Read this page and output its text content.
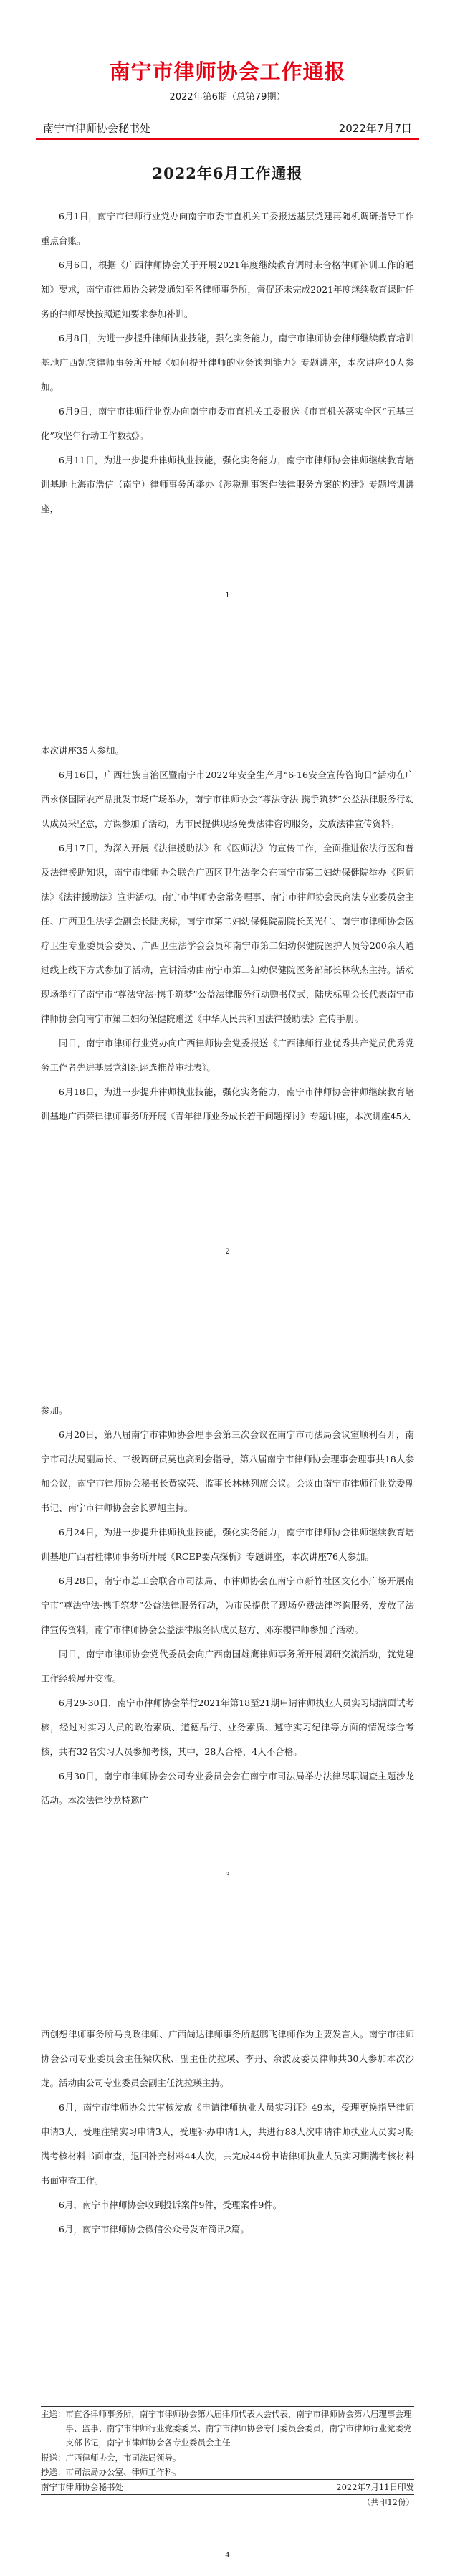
南宁市律师协会工作通报
2022年第6期（总第79期）
南宁市律师协会秘书处	2022年7月7日
2022年6月工作通报

6月1日，南宁市律师行业党办向南宁市委市直机关工委报送基层党建再随机调研指导工作重点台账。

6月6日，根据《广西律师协会关于开展2021年度继续教育调时未合格律师补训工作的通知》要求，南宁市律师协会转发通知至各律师事务所，督促还未完成2021年度继续教育课时任务的律师尽快按照通知要求参加补训。

6月8日，为进一步提升律师执业技能，强化实务能力，南宁市律师协会律师继续教育培训基地广西凯宾律师事务所开展《如何提升律师的业务谈判能力》专题讲座，本次讲座40人参加。

6月9日，南宁市律师行业党办向南宁市委市直机关工委报送《市直机关落实全区“五基三化”攻坚年行动工作数据》。

6月11日，为进一步提升律师执业技能，强化实务能力，南宁市律师协会律师继续教育培训基地上海市浩信（南宁）律师事务所举办《涉税刑事案件法律服务方案的构建》专题培训讲座，

1

本次讲座35人参加。

6月16日，广西壮族自治区暨南宁市2022年安全生产月“6·16安全宣传咨询日”活动在广西永修国际农产品批发市场广场举办，南宁市律师协会“尊法守法 携手筑梦”公益法律服务行动队成员采坚意，方课参加了活动，为市民提供现场免费法律咨询服务，发放法律宣传资料。

6月17日，为深入开展《法律援助法》和《医师法》的宣传工作，全面推进依法行医和普及法律援助知识，南宁市律师协会联合广西区卫生法学会在南宁市第二妇幼保健院举办《医师法》《法律援助法》宣讲活动。南宁市律师协会常务理事、南宁市律师协会民商法专业委员会主任、广西卫生法学会副会长陆庆标，南宁市第二妇幼保健院副院长黄光仁、南宁市律师协会医疗卫生专业委员会委员、广西卫生法学会会员和南宁市第二妇幼保健院医护人员等200余人通过线上线下方式参加了活动，宣讲活动由南宁市第二妇幼保健院医务部部长林秋杰主持。活动现场举行了南宁市“尊法守法·携手筑梦”公益法律服务行动赠书仪式，陆庆标副会长代表南宁市律师协会向南宁市第二妇幼保健院赠送《中华人民共和国法律援助法》宣传手册。

同日，南宁市律师行业党办向广西律师协会党委报送《广西律师行业优秀共产党员优秀党务工作者先进基层党组织评选推荐审批表》。

6月18日，为进一步提升律师执业技能，强化实务能力，南宁市律师协会律师继续教育培训基地广西荣律律师事务所开展《青年律师业务成长若干问题探讨》专题讲座，本次讲座45人

2

参加。

6月20日，第八届南宁市律师协会理事会第三次会议在南宁市司法局会议室顺利召开，南宁市司法局副局长、三级调研员莫也高到会指导，第八届南宁市律师协会理事会理事共18人参加会议，南宁市律师协会秘书长黄家荣、监事长林林列席会议。会议由南宁市律师行业党委副书记、南宁市律师协会会长罗旭主持。

6月24日，为进一步提升律师执业技能，强化实务能力，南宁市律师协会律师继续教育培训基地广西君桂律师事务所开展《RCEP要点探析》专题讲座，本次讲座76人参加。

6月28日，南宁市总工会联合市司法局、市律师协会在南宁市新竹社区文化小广场开展南宁市“尊法守法·携手筑梦”公益法律服务行动，为市民提供了现场免费法律咨询服务，发放了法律宣传资料，南宁市律师协会公益法律服务队成员赵方、邓东樱律师参加了活动。

同日，南宁市律师协会党代委员会向广西南国雄鹰律师事务所开展调研交流活动，就党建工作经验展开交流。

6月29-30日，南宁市律师协会举行2021年第18至21期申请律师执业人员实习期满面试考核，经过对实习人员的政治素质、道德品行、业务素质、遵守实习纪律等方面的情况综合考核，共有32名实习人员参加考核，其中，28人合格，4人不合格。

6月30日，南宁市律师协会公司专业委员会会在南宁市司法局举办法律尽职调查主题沙龙活动。本次法律沙龙特邀广

3

西创想律师事务所马良政律师、广西尚达律师事务所赵鹏飞律师作为主要发言人。南宁市律师协会公司专业委员会主任梁庆秋、副主任沈拉瑛、李丹、余波及委员律师共30人参加本次沙龙。活动由公司专业委员会副主任沈拉瑛主持。

6月，南宁市律师协会共审核发放《申请律师执业人员实习证》49本，受理更换指导律师申请3人，受理注销实习申请3人，受理补办申请1人，共进行88人次申请律师执业人员实习期满考核材料书面审查，退回补充材料44人次，共完成44份申请律师执业人员实习期满考核材料书面审查工作。

6月，南宁市律师协会收到投诉案件9件，受理案件9件。

6月，南宁市律师协会微信公众号发布简讯2篇。

主送： 市直各律师事务所，南宁市律师协会第八届律师代表大会代表，南宁市律师协会第八届理事会理事、监事、南宁市律师行业党委委员、南宁市律师协会专门委员会委员，南宁市律师行业党委党支部书记，南宁市律师协会各专业委员会主任
报送： 广西律师协会，市司法局领导。
抄送： 市司法局办公室、律师工作科。
南宁市律师协会秘书处	2022年7月11日印发
（共印12份）
4
